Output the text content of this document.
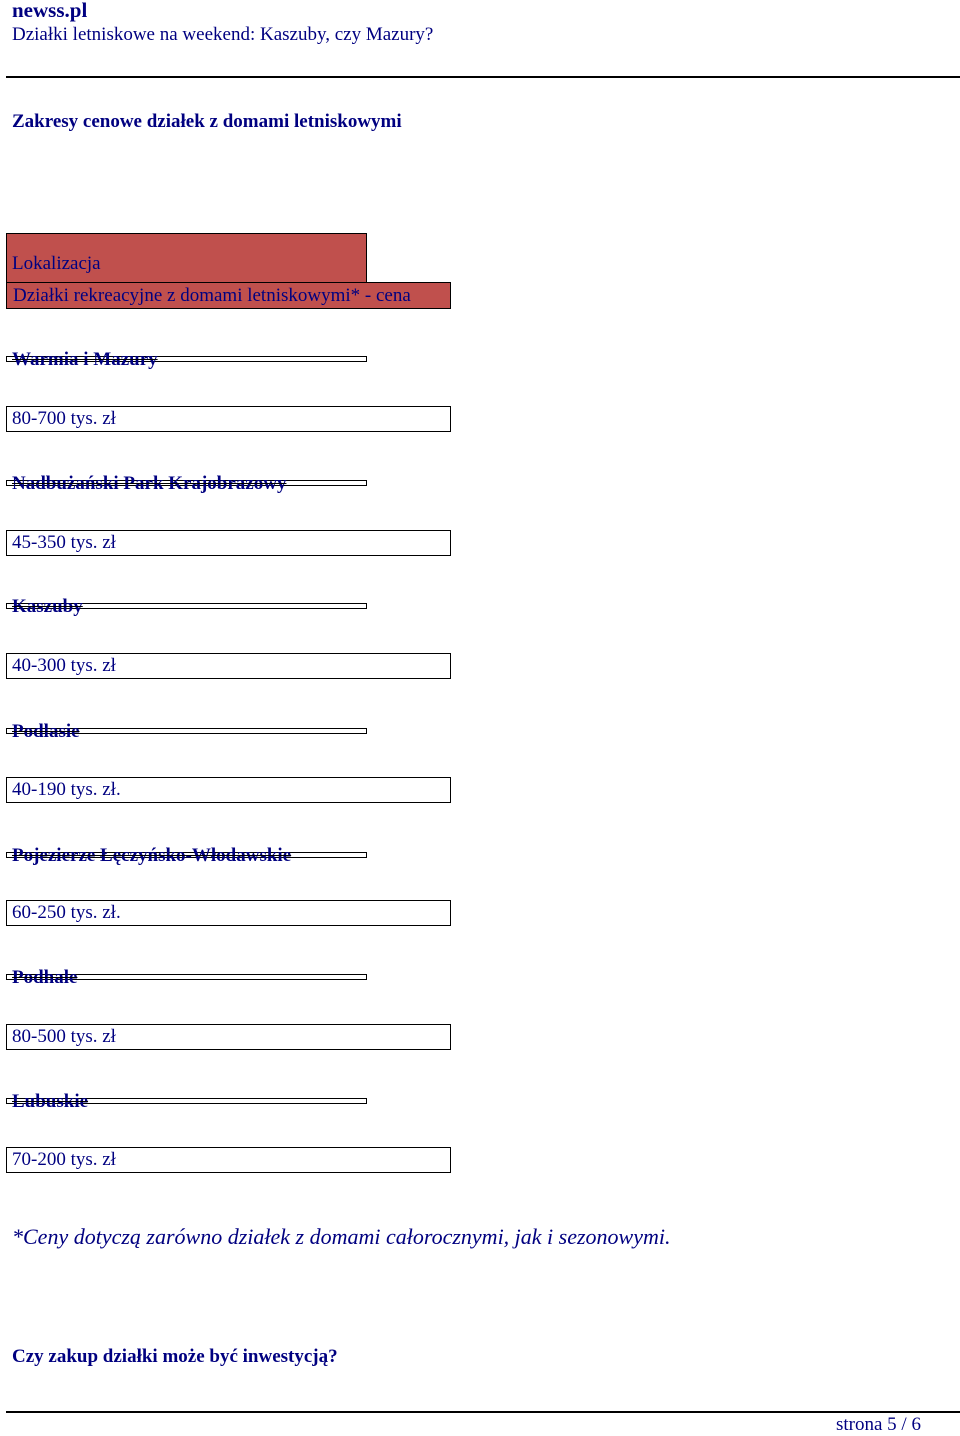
newss.pl
Działki letniskowe na weekend: Kaszuby, czy Mazury?
Zakresy cenowe działek z domami letniskowymi
Lokalizacja
Działki rekreacyjne z domami letniskowymi* - cena
Warmia i Mazury
80-700 tys. zł
Nadbużański Park Krajobrazowy
45-350 tys. zł
Kaszuby
40-300 tys. zł
Podlasie
40-190 tys. zł.
Pojezierze Łęczyńsko-Włodawskie
60-250 tys. zł.
Podhale
80-500 tys. zł
Lubuskie
70-200 tys. zł
*Ceny dotyczą zarówno działek z domami całorocznymi, jak i sezonowymi.
Czy zakup działki może być inwestycją?
strona 5 / 6
